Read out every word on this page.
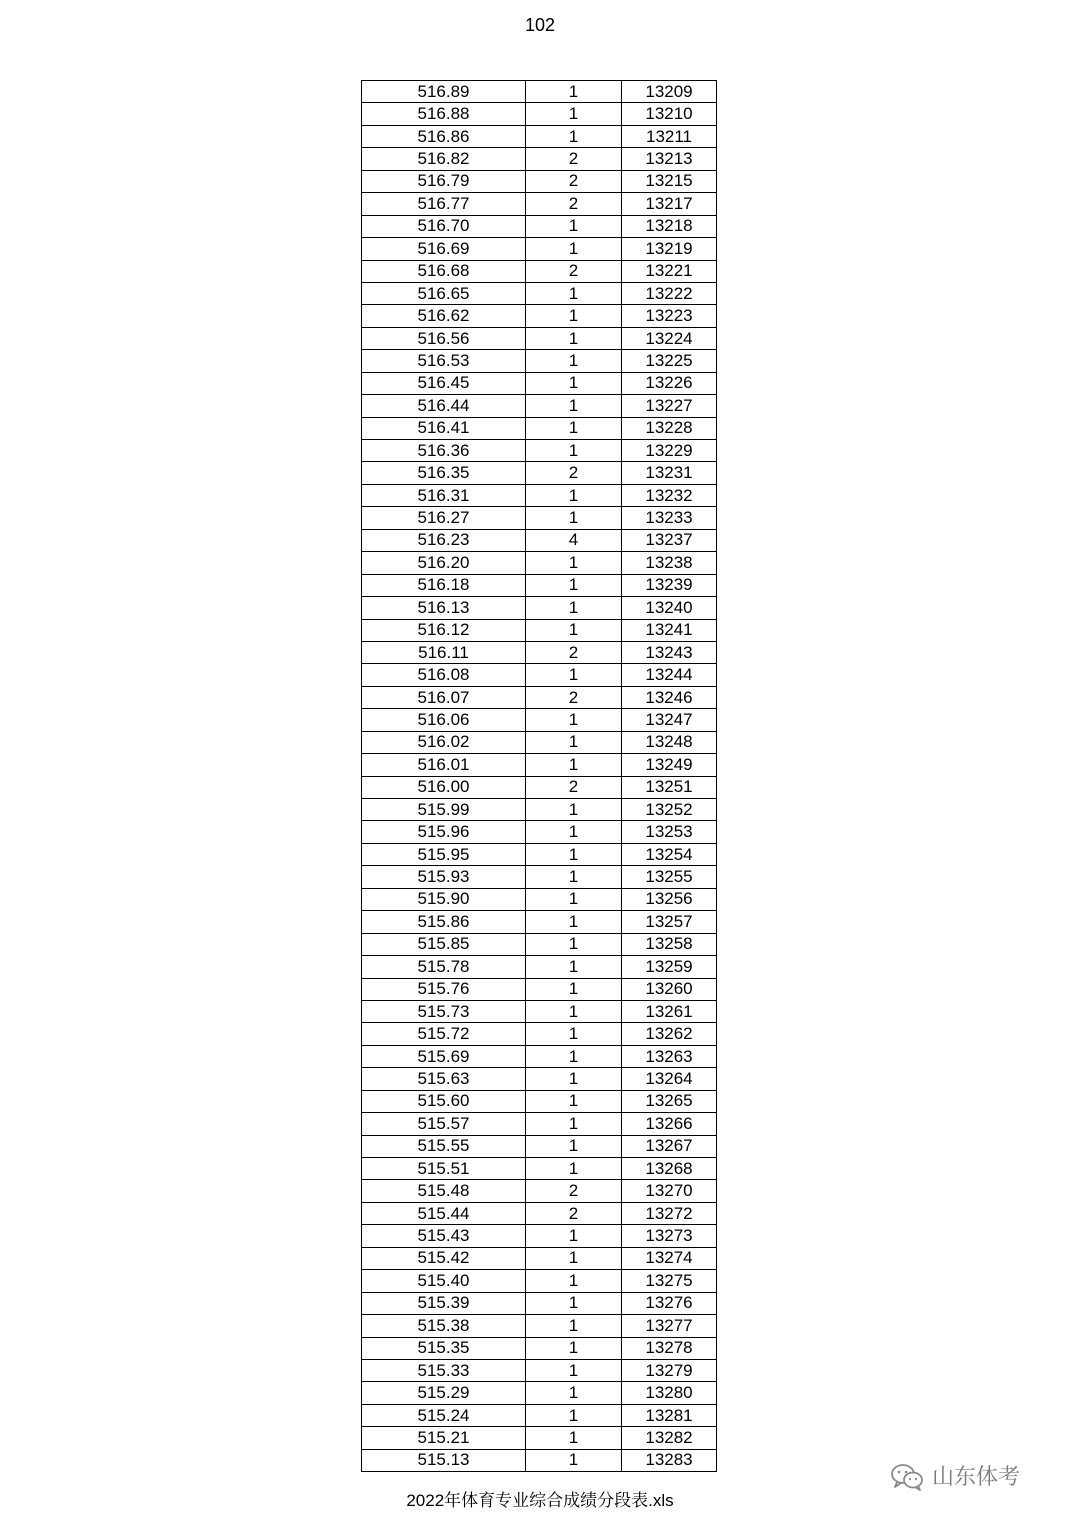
102
516.89	1	13209
516.88	1	13210
516.86	1	13211
516.82	2	13213
516.79	2	13215
516.77	2	13217
516.70	1	13218
516.69	1	13219
516.68	2	13221
516.65	1	13222
516.62	1	13223
516.56	1	13224
516.53	1	13225
516.45	1	13226
516.44	1	13227
516.41	1	13228
516.36	1	13229
516.35	2	13231
516.31	1	13232
516.27	1	13233
516.23	4	13237
516.20	1	13238
516.18	1	13239
516.13	1	13240
516.12	1	13241
516.11	2	13243
516.08	1	13244
516.07	2	13246
516.06	1	13247
516.02	1	13248
516.01	1	13249
516.00	2	13251
515.99	1	13252
515.96	1	13253
515.95	1	13254
515.93	1	13255
515.90	1	13256
515.86	1	13257
515.85	1	13258
515.78	1	13259
515.76	1	13260
515.73	1	13261
515.72	1	13262
515.69	1	13263
515.63	1	13264
515.60	1	13265
515.57	1	13266
515.55	1	13267
515.51	1	13268
515.48	2	13270
515.44	2	13272
515.43	1	13273
515.42	1	13274
515.40	1	13275
515.39	1	13276
515.38	1	13277
515.35	1	13278
515.33	1	13279
515.29	1	13280
515.24	1	13281
515.21	1	13282
515.13	1	13283
山东体考
2022年体育专业综合成绩分段表.xls
